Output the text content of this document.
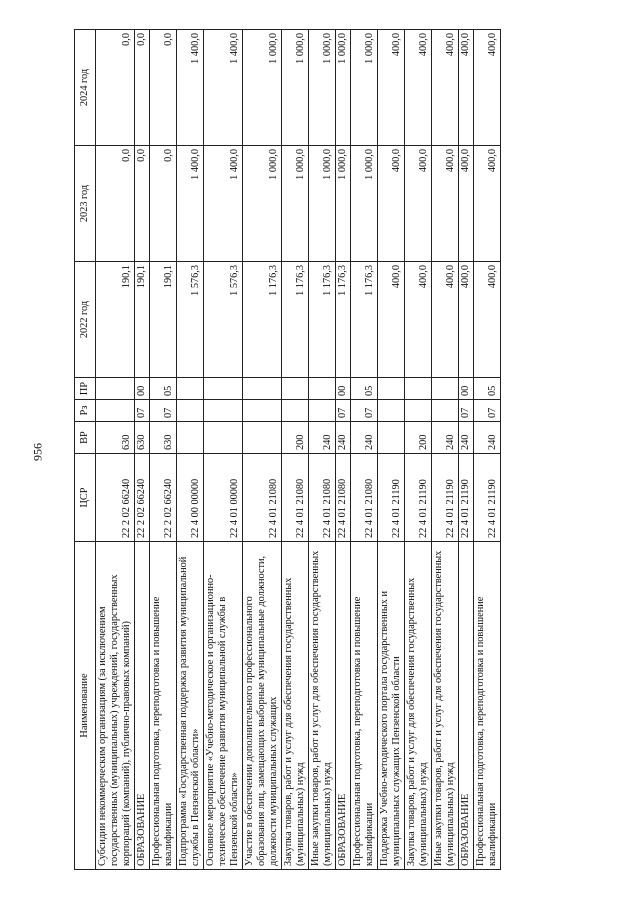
956
Наименование	ЦСР	ВР	Рз	ПР	2022 год	2023 год	2024 год
Субсидии некоммерческим организациям (за исключением государственных (муниципальных) учреждений, государственных корпораций (компаний), публично-правовых компаний)	22 2 02 66240	630			190,1	0,0	0,0
ОБРАЗОВАНИЕ	22 2 02 66240	630	07	00	190,1	0,0	0,0
Профессиональная подготовка, переподготовка и повышение квалификации	22 2 02 66240	630	07	05	190,1	0,0	0,0
Подпрограмма «Государственная поддержка развития муниципальной службы в Пензенской области»	22 4 00 00000				1 576,3	1 400,0	1 400,0
Основное мероприятие «Учебно-методическое и организационно-техническое обеспечение развития муниципальной службы в Пензенской области»	22 4 01 00000				1 576,3	1 400,0	1 400,0
Участие в обеспечении дополнительного профессионального образования лиц, замещающих выборные муниципальные должности, должности муниципальных служащих	22 4 01 21080				1 176,3	1 000,0	1 000,0
Закупка товаров, работ и услуг для обеспечения государственных (муниципальных) нужд	22 4 01 21080	200			1 176,3	1 000,0	1 000,0
Иные закупки товаров, работ и услуг для обеспечения государственных (муниципальных) нужд	22 4 01 21080	240			1 176,3	1 000,0	1 000,0
ОБРАЗОВАНИЕ	22 4 01 21080	240	07	00	1 176,3	1 000,0	1 000,0
Профессиональная подготовка, переподготовка и повышение квалификации	22 4 01 21080	240	07	05	1 176,3	1 000,0	1 000,0
Поддержка Учебно-методического портала государственных и муниципальных служащих Пензенской области	22 4 01 21190				400,0	400,0	400,0
Закупка товаров, работ и услуг для обеспечения государственных (муниципальных) нужд	22 4 01 21190	200			400,0	400,0	400,0
Иные закупки товаров, работ и услуг для обеспечения государственных (муниципальных) нужд	22 4 01 21190	240			400,0	400,0	400,0
ОБРАЗОВАНИЕ	22 4 01 21190	240	07	00	400,0	400,0	400,0
Профессиональная подготовка, переподготовка и повышение квалификации	22 4 01 21190	240	07	05	400,0	400,0	400,0
